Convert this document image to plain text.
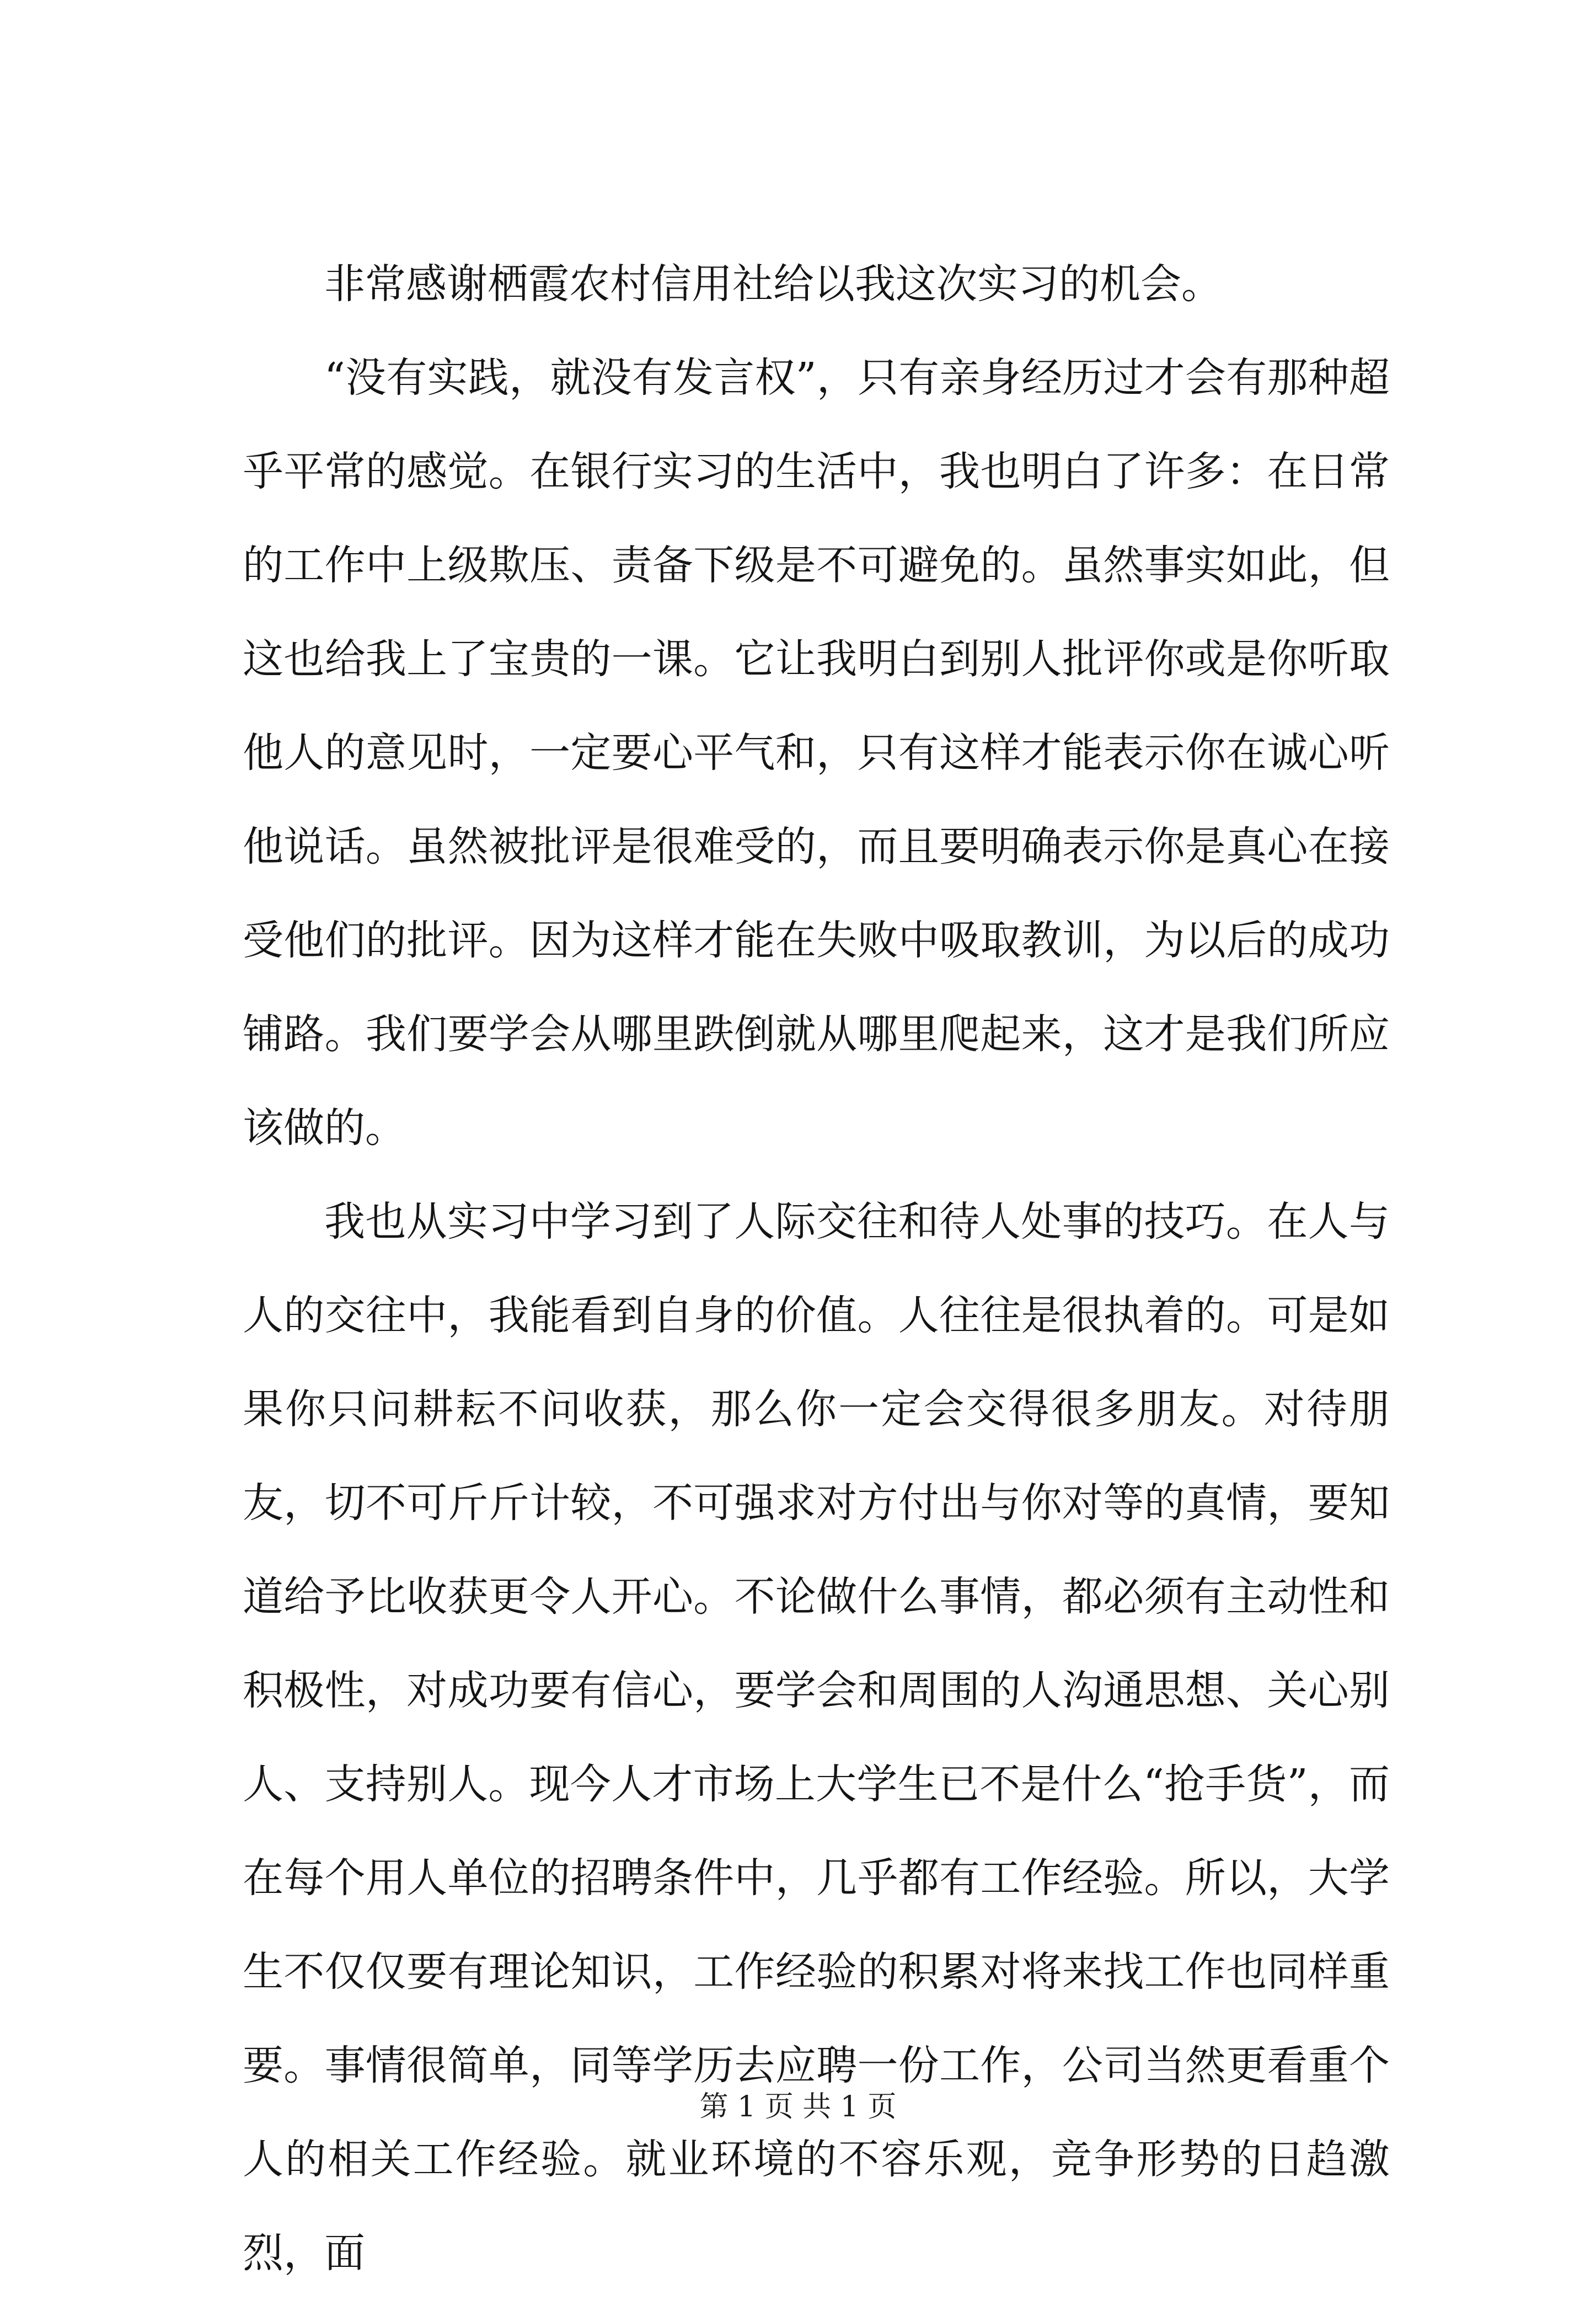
非常感谢栖霞农村信用社给以我这次实习的机会。

“没有实践，就没有发言权”，只有亲身经历过才会有那种超乎平常的感觉。在银行实习的生活中，我也明白了许多：在日常的工作中上级欺压、责备下级是不可避免的。虽然事实如此，但这也给我上了宝贵的一课。它让我明白到别人批评你或是你听取他人的意见时，一定要心平气和，只有这样才能表示你在诚心听他说话。虽然被批评是很难受的，而且要明确表示你是真心在接受他们的批评。因为这样才能在失败中吸取教训，为以后的成功铺路。我们要学会从哪里跌倒就从哪里爬起来，这才是我们所应该做的。

我也从实习中学习到了人际交往和待人处事的技巧。在人与人的交往中，我能看到自身的价值。人往往是很执着的。可是如果你只问耕耘不问收获，那么你一定会交得很多朋友。对待朋友，切不可斤斤计较，不可强求对方付出与你对等的真情，要知道给予比收获更令人开心。不论做什么事情，都必须有主动性和积极性，对成功要有信心，要学会和周围的人沟通思想、关心别人、支持别人。现今人才市场上大学生已不是什么“抢手货”，而在每个用人单位的招聘条件中，几乎都有工作经验。所以，大学生不仅仅要有理论知识，工作经验的积累对将来找工作也同样重要。事情很简单，同等学历去应聘一份工作，公司当然更看重个人的相关工作经验。就业环境的不容乐观，竞争形势的日趋激烈，面

第 1 页 共 1 页
